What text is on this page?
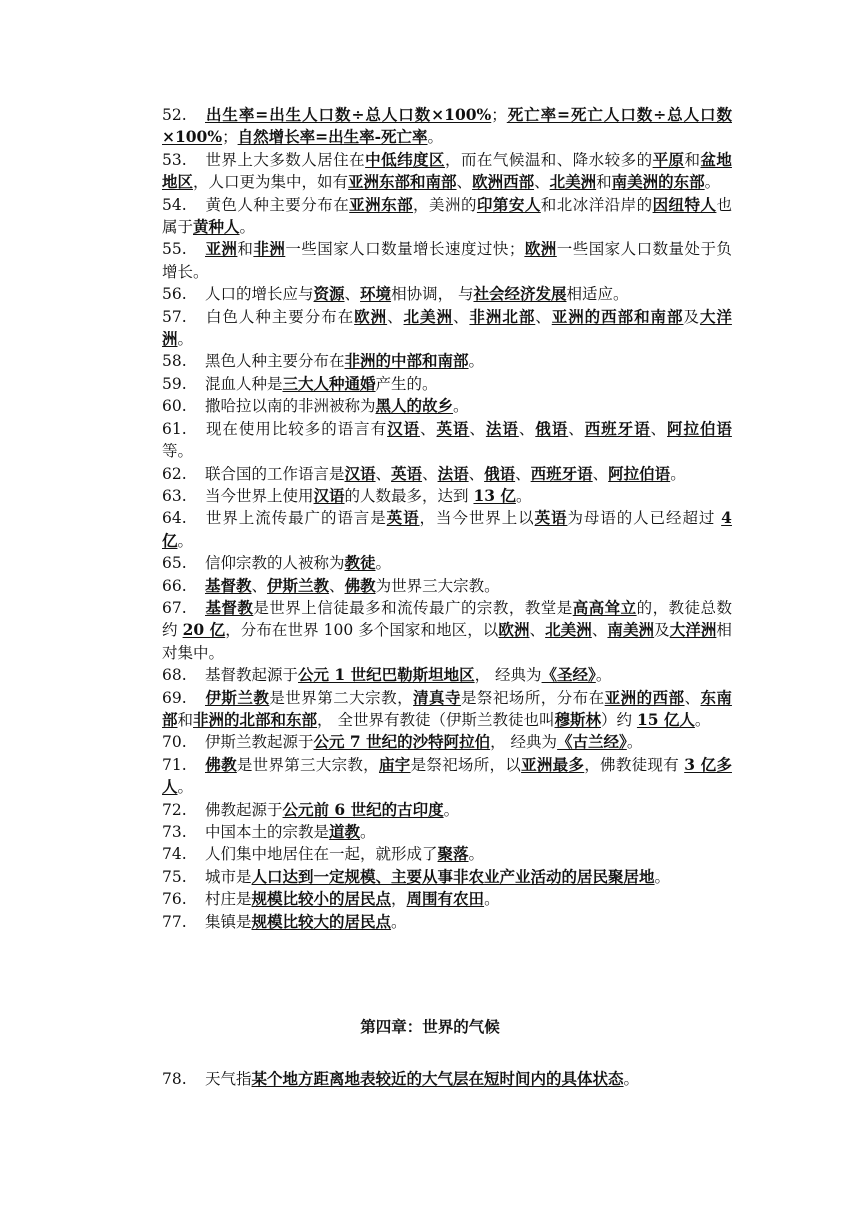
52. 出生率=出生人口数÷总人口数×100%；死亡率=死亡人口数÷总人口数×100%；自然增长率=出生率-死亡率。

53. 世界上大多数人居住在中低纬度区，而在气候温和、降水较多的平原和盆地地区，人口更为集中，如有亚洲东部和南部、欧洲西部、北美洲和南美洲的东部。

54. 黄色人种主要分布在亚洲东部，美洲的印第安人和北冰洋沿岸的因纽特人也属于黄种人。

55. 亚洲和非洲一些国家人口数量增长速度过快；欧洲一些国家人口数量处于负增长。

56. 人口的增长应与资源、环境相协调， 与社会经济发展相适应。

57. 白色人种主要分布在欧洲、北美洲、非洲北部、亚洲的西部和南部及大洋洲。

58. 黑色人种主要分布在非洲的中部和南部。

59. 混血人种是三大人种通婚产生的。

60. 撒哈拉以南的非洲被称为黑人的故乡。

61. 现在使用比较多的语言有汉语、英语、法语、俄语、西班牙语、阿拉伯语等。

62. 联合国的工作语言是汉语、英语、法语、俄语、西班牙语、阿拉伯语。

63. 当今世界上使用汉语的人数最多，达到 13 亿。

64. 世界上流传最广的语言是英语，当今世界上以英语为母语的人已经超过 4 亿。

65. 信仰宗教的人被称为教徒。

66. 基督教、伊斯兰教、佛教为世界三大宗教。

67. 基督教是世界上信徒最多和流传最广的宗教，教堂是高高耸立的，教徒总数约 20 亿，分布在世界 100 多个国家和地区，以欧洲、北美洲、南美洲及大洋洲相对集中。

68. 基督教起源于公元 1 世纪巴勒斯坦地区， 经典为《圣经》。

69. 伊斯兰教是世界第二大宗教，清真寺是祭祀场所，分布在亚洲的西部、东南部和非洲的北部和东部， 全世界有教徒（伊斯兰教徒也叫穆斯林）约 15 亿人。

70. 伊斯兰教起源于公元 7 世纪的沙特阿拉伯， 经典为《古兰经》。

71. 佛教是世界第三大宗教，庙宇是祭祀场所，以亚洲最多，佛教徒现有 3 亿多人。

72. 佛教起源于公元前 6 世纪的古印度。

73. 中国本土的宗教是道教。

74. 人们集中地居住在一起，就形成了聚落。

75. 城市是人口达到一定规模、主要从事非农业产业活动的居民聚居地。

76. 村庄是规模比较小的居民点，周围有农田。

77. 集镇是规模比较大的居民点。

第四章：世界的气候
78. 天气指某个地方距离地表较近的大气层在短时间内的具体状态。
